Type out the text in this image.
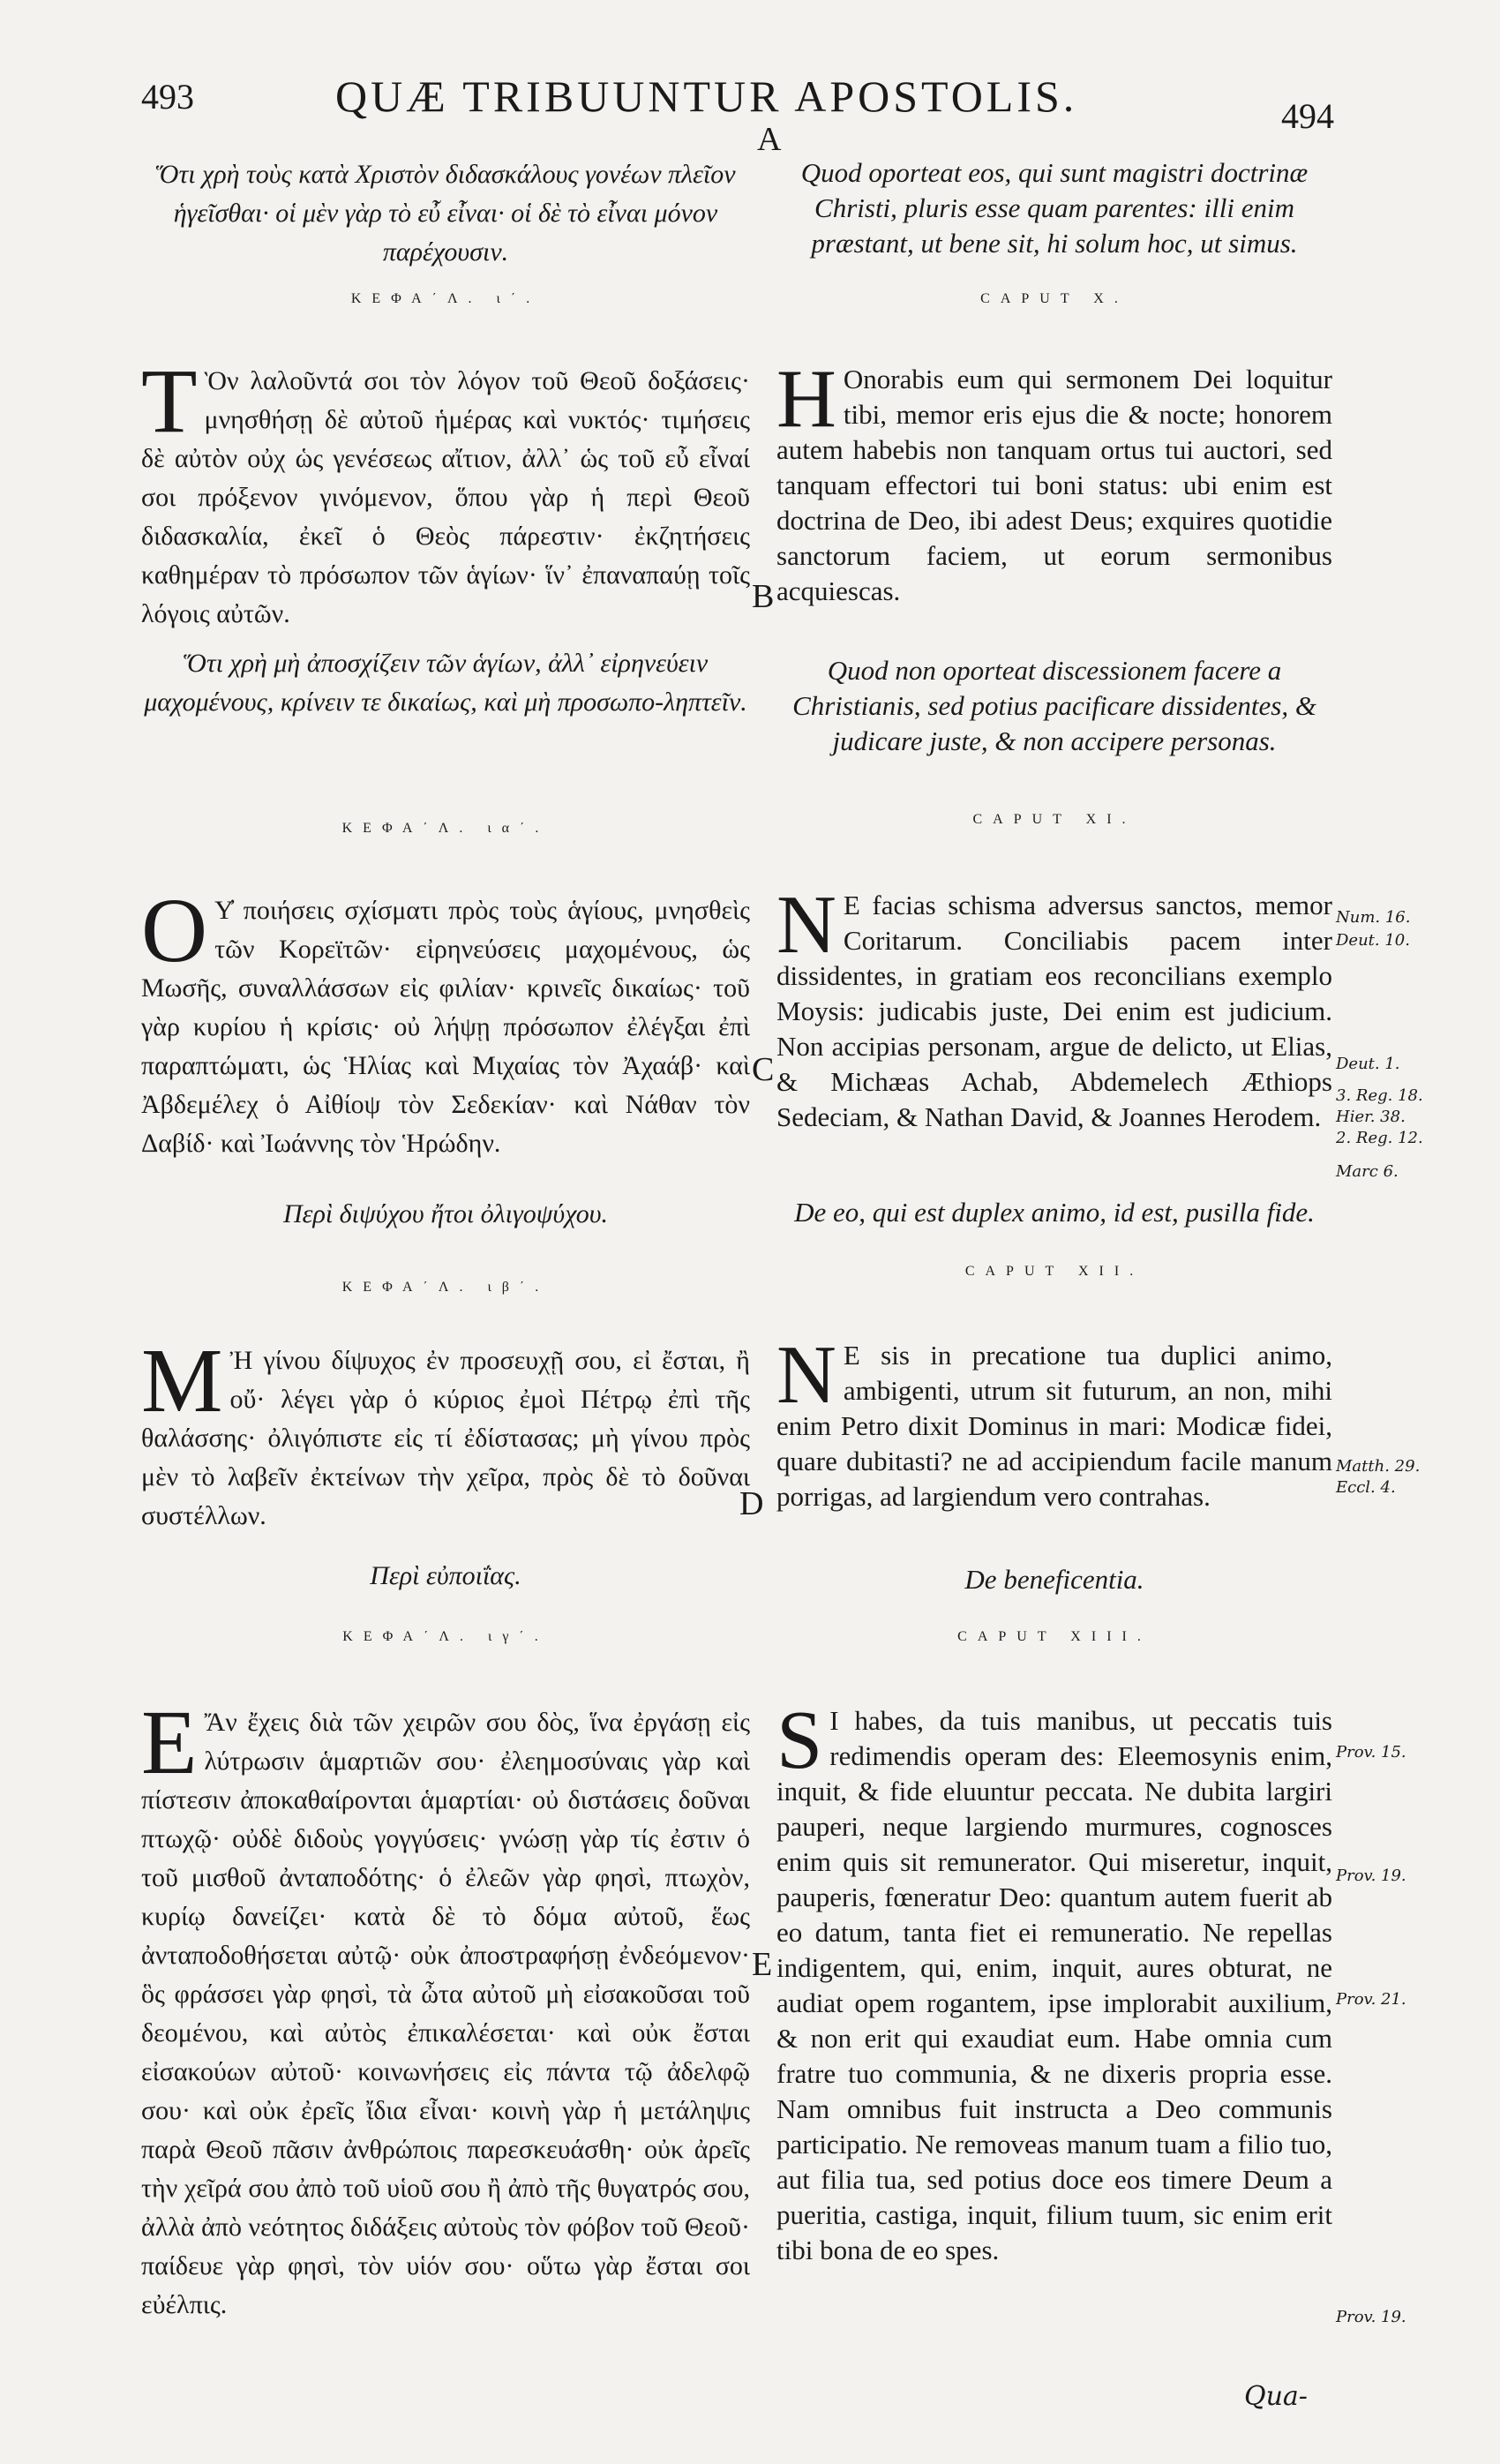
493	QUÆ TRIBUUNTUR APOSTOLIS.	494
A
B
C
D
E
Ὅτι χρὴ τοὺς κατὰ Χριστὸν διδασκάλους γονέων πλεῖον ἡγεῖσθαι· οἱ μὲν γὰρ τὸ εὖ εἶναι· οἱ δὲ τὸ εἶναι μόνον παρέχουσιν.
ΚΕΦΑ΄Λ. ι΄.
Τ Ὸν λαλοῦντά σοι τὸν λόγον τοῦ Θεοῦ δοξάσεις· μνησθήσῃ δὲ αὐτοῦ ἡμέρας καὶ νυκτός· τιμήσεις δὲ αὐτὸν οὐχ ὡς γενέσεως αἴτιον, ἀλλ᾽ ὡς τοῦ εὖ εἶναί σοι πρόξενον γινόμενον, ὅπου γὰρ ἡ περὶ Θεοῦ διδασκαλία, ἐκεῖ ὁ Θεὸς πάρεστιν· ἐκζητήσεις καθημέραν τὸ πρόσωπον τῶν ἁγίων· ἵν᾽ ἐπαναπαύῃ τοῖς λόγοις αὐτῶν.
Ὅτι χρὴ μὴ ἀποσχίζειν τῶν ἁγίων, ἀλλ᾽ εἰρηνεύειν μαχομένους, κρίνειν τε δικαίως, καὶ μὴ προσωπο-ληπτεῖν.
ΚΕΦΑ΄Λ. ια΄.
Ο Υ̓ ποιήσεις σχίσματι πρὸς τοὺς ἁγίους, μνησθεὶς τῶν Κορεϊτῶν· εἰρηνεύσεις μαχομένους, ὡς Μωσῆς, συναλλάσσων εἰς φιλίαν· κρινεῖς δικαίως· τοῦ γὰρ κυρίου ἡ κρίσις· οὐ λήψῃ πρόσωπον ἐλέγξαι ἐπὶ παραπτώματι, ὡς Ἡλίας καὶ Μιχαίας τὸν Ἀχαάβ· καὶ Ἀβδεμέλεχ ὁ Αἰθίοψ τὸν Σεδεκίαν· καὶ Νάθαν τὸν Δαβίδ· καὶ Ἰωάννης τὸν Ἡρώδην.
Περὶ διψύχου ἤτοι ὀλιγοψύχου.
ΚΕΦΑ΄Λ. ιβ΄.
Μ Ἠ γίνου δίψυχος ἐν προσευχῇ σου, εἰ ἔσται, ἢ οὔ· λέγει γὰρ ὁ κύριος ἐμοὶ Πέτρῳ ἐπὶ τῆς θαλάσσης· ὀλιγόπιστε εἰς τί ἐδίστασας; μὴ γίνου πρὸς μὲν τὸ λαβεῖν ἐκτείνων τὴν χεῖρα, πρὸς δὲ τὸ δοῦναι συστέλλων.
Περὶ εὐποιΐας.
ΚΕΦΑ΄Λ. ιγ΄.
Ε Ἄν ἔχεις διὰ τῶν χειρῶν σου δὸς, ἵνα ἐργάσῃ εἰς λύτρωσιν ἁμαρτιῶν σου· ἐλεημοσύναις γὰρ καὶ πίστεσιν ἀποκαθαίρονται ἁμαρτίαι· οὐ διστάσεις δοῦναι πτωχῷ· οὐδὲ διδοὺς γογγύσεις· γνώσῃ γὰρ τίς ἐστιν ὁ τοῦ μισθοῦ ἀνταποδότης· ὁ ἐλεῶν γὰρ φησὶ, πτωχὸν, κυρίῳ δανείζει· κατὰ δὲ τὸ δόμα αὐτοῦ, ἕως ἀνταποδοθήσεται αὐτῷ· οὐκ ἀποστραφήσῃ ἐνδεόμενον· ὃς φράσσει γὰρ φησὶ, τὰ ὦτα αὐτοῦ μὴ εἰσακοῦσαι τοῦ δεομένου, καὶ αὐτὸς ἐπικαλέσεται· καὶ οὐκ ἔσται εἰσακούων αὐτοῦ· κοινωνήσεις εἰς πάντα τῷ ἀδελφῷ σου· καὶ οὐκ ἐρεῖς ἴδια εἶναι· κοινὴ γὰρ ἡ μετάληψις παρὰ Θεοῦ πᾶσιν ἀνθρώποις παρεσκευάσθη· οὐκ ἀρεῖς τὴν χεῖρά σου ἀπὸ τοῦ υἱοῦ σου ἢ ἀπὸ τῆς θυγατρός σου, ἀλλὰ ἀπὸ νεότητος διδάξεις αὐτοὺς τὸν φόβον τοῦ Θεοῦ· παίδευε γὰρ φησὶ, τὸν υἱόν σου· οὕτω γὰρ ἔσται σοι εὐέλπις.
Quod oporteat eos, qui sunt magistri doctrinæ Christi, pluris esse quam parentes: illi enim præstant, ut bene sit, hi solum hoc, ut simus.
CAPUT X.
H Onorabis eum qui sermonem Dei loquitur tibi, memor eris ejus die & nocte; honorem autem habebis non tanquam ortus tui auctori, sed tanquam effectori tui boni status: ubi enim est doctrina de Deo, ibi adest Deus; exquires quotidie sanctorum faciem, ut eorum sermonibus acquiescas.
Quod non oporteat discessionem facere a Christianis, sed potius pacificare dissidentes, & judicare juste, & non accipere personas.
CAPUT XI.
N E facias schisma adversus sanctos, memor Coritarum. Conciliabis pacem inter dissidentes, in gratiam eos reconcilians exemplo Moysis: judicabis juste, Dei enim est judicium. Non accipias personam, argue de delicto, ut Elias, & Michæas Achab, Abdemelech Æthiops Sedeciam, & Nathan David, & Joannes Herodem.
De eo, qui est duplex animo, id est, pusilla fide.
CAPUT XII.
N E sis in precatione tua duplici animo, ambigenti, utrum sit futurum, an non, mihi enim Petro dixit Dominus in mari: Modicæ fidei, quare dubitasti? ne ad accipiendum facile manum porrigas, ad largiendum vero contrahas.
De beneficentia.
CAPUT XIII.
S I habes, da tuis manibus, ut peccatis tuis redimendis operam des: Eleemosynis enim, inquit, & fide eluuntur peccata. Ne dubita largiri pauperi, neque largiendo murmures, cognosces enim quis sit remunerator. Qui miseretur, inquit, pauperis, fœneratur Deo: quantum autem fuerit ab eo datum, tanta fiet ei remuneratio. Ne repellas indigentem, qui, enim, inquit, aures obturat, ne audiat opem rogantem, ipse implorabit auxilium, & non erit qui exaudiat eum. Habe omnia cum fratre tuo communia, & ne dixeris propria esse. Nam omnibus fuit instructa a Deo communis participatio. Ne removeas manum tuam a filio tuo, aut filia tua, sed potius doce eos timere Deum a pueritia, castiga, inquit, filium tuum, sic enim erit tibi bona de eo spes.
Num. 16.
Deut. 10.
Deut. 1.
3. Reg. 18.
Hier. 38.
2. Reg. 12.
Marc 6.
Matth. 29.
Eccl. 4.
Prov. 15.
Prov. 19.
Prov. 21.
Prov. 19.
Qua-
